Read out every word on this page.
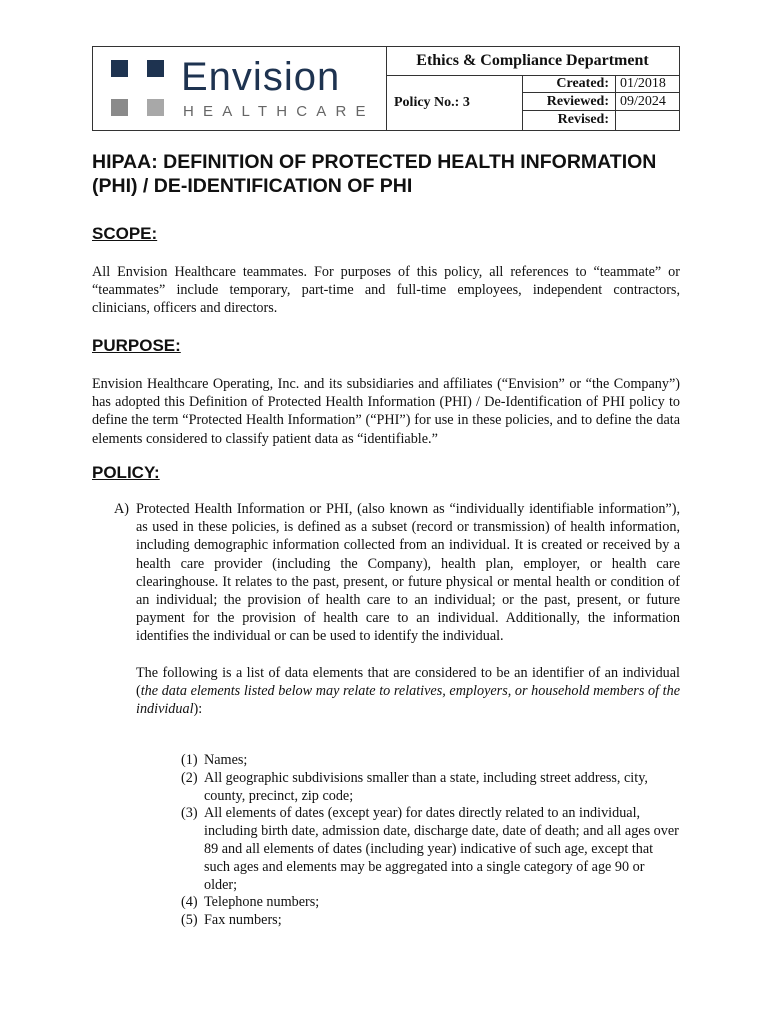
Envision
HEALTHCARE
Ethics & Compliance Department
Policy No.: 3
Created: 01/2018
Reviewed: 09/2024
Revised:
HIPAA: DEFINITION OF PROTECTED HEALTH INFORMATION
(PHI) / DE-IDENTIFICATION OF PHI
SCOPE:
All Envision Healthcare teammates. For purposes of this policy, all references to “teammate” or “teammates” include temporary, part-time and full-time employees, independent contractors, clinicians, officers and directors.
PURPOSE:
Envision Healthcare Operating, Inc. and its subsidiaries and affiliates (“Envision” or “the Company”) has adopted this Definition of Protected Health Information (PHI) / De-Identification of PHI policy to define the term “Protected Health Information” (“PHI”) for use in these policies, and to define the data elements considered to classify patient data as “identifiable.”
POLICY:
A) Protected Health Information or PHI, (also known as “individually identifiable information”), as used in these policies, is defined as a subset (record or transmission) of health information, including demographic information collected from an individual. It is created or received by a health care provider (including the Company), health plan, employer, or health care clearinghouse. It relates to the past, present, or future physical or mental health or condition of an individual; the provision of health care to an individual; or the past, present, or future payment for the provision of health care to an individual. Additionally, the information identifies the individual or can be used to identify the individual.
The following is a list of data elements that are considered to be an identifier of an individual (the data elements listed below may relate to relatives, employers, or household members of the individual):
(1) Names;
(2) All geographic subdivisions smaller than a state, including street address, city, county, precinct, zip code;
(3) All elements of dates (except year) for dates directly related to an individual, including birth date, admission date, discharge date, date of death; and all ages over 89 and all elements of dates (including year) indicative of such age, except that such ages and elements may be aggregated into a single category of age 90 or older;
(4) Telephone numbers;
(5) Fax numbers;
